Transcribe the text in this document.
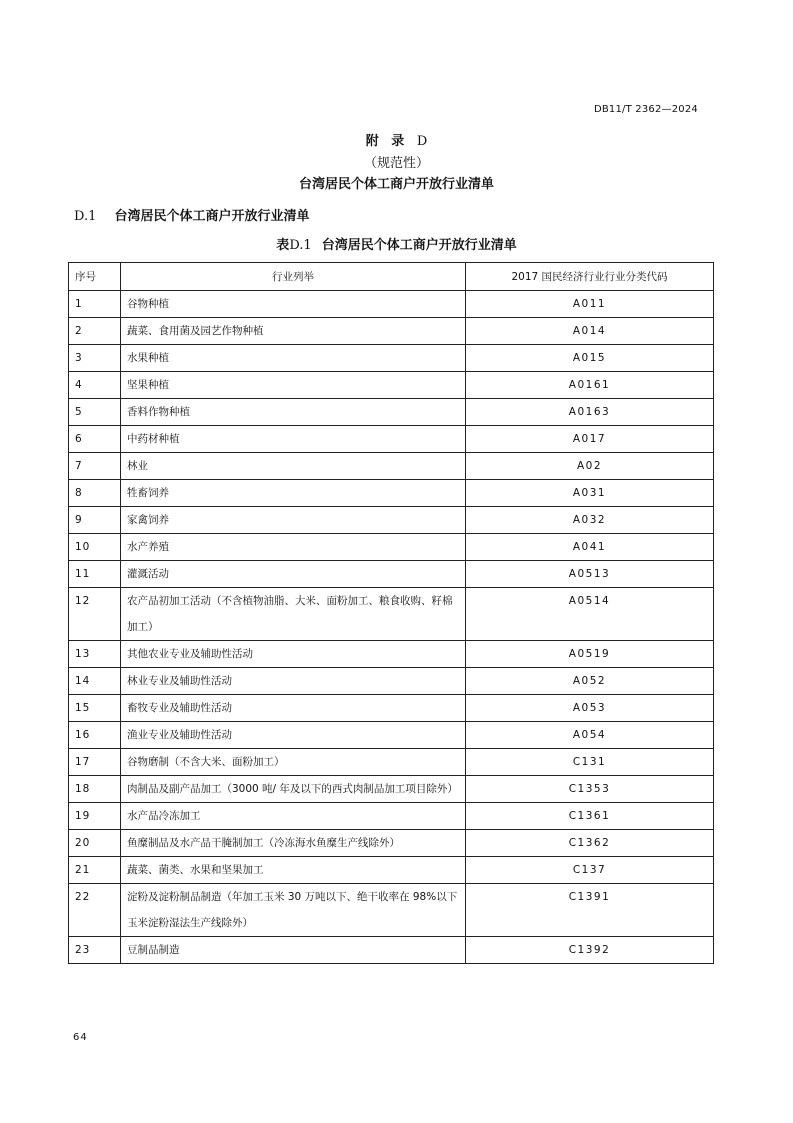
DB11/T 2362—2024
附 录 D
（规范性）
台湾居民个体工商户开放行业清单
D.1 台湾居民个体工商户开放行业清单
表D.1 台湾居民个体工商户开放行业清单
序号	行业列举	2017 国民经济行业行业分类代码
1	谷物种植	A011
2	蔬菜、食用菌及园艺作物种植	A014
3	水果种植	A015
4	坚果种植	A0161
5	香料作物种植	A0163
6	中药材种植	A017
7	林业	A02
8	牲畜饲养	A031
9	家禽饲养	A032
10	水产养殖	A041
11	灌溉活动	A0513
12	农产品初加工活动（不含植物油脂、大米、面粉加工、粮食收购、籽棉加工）	A0514
13	其他农业专业及辅助性活动	A0519
14	林业专业及辅助性活动	A052
15	畜牧专业及辅助性活动	A053
16	渔业专业及辅助性活动	A054
17	谷物磨制（不含大米、面粉加工）	C131
18	肉制品及副产品加工（3000 吨/ 年及以下的西式肉制品加工项目除外）	C1353
19	水产品冷冻加工	C1361
20	鱼糜制品及水产品干腌制加工（冷冻海水鱼糜生产线除外）	C1362
21	蔬菜、菌类、水果和坚果加工	C137
22	淀粉及淀粉制品制造（年加工玉米 30 万吨以下、绝干收率在 98%以下玉米淀粉湿法生产线除外）	C1391
23	豆制品制造	C1392
64
